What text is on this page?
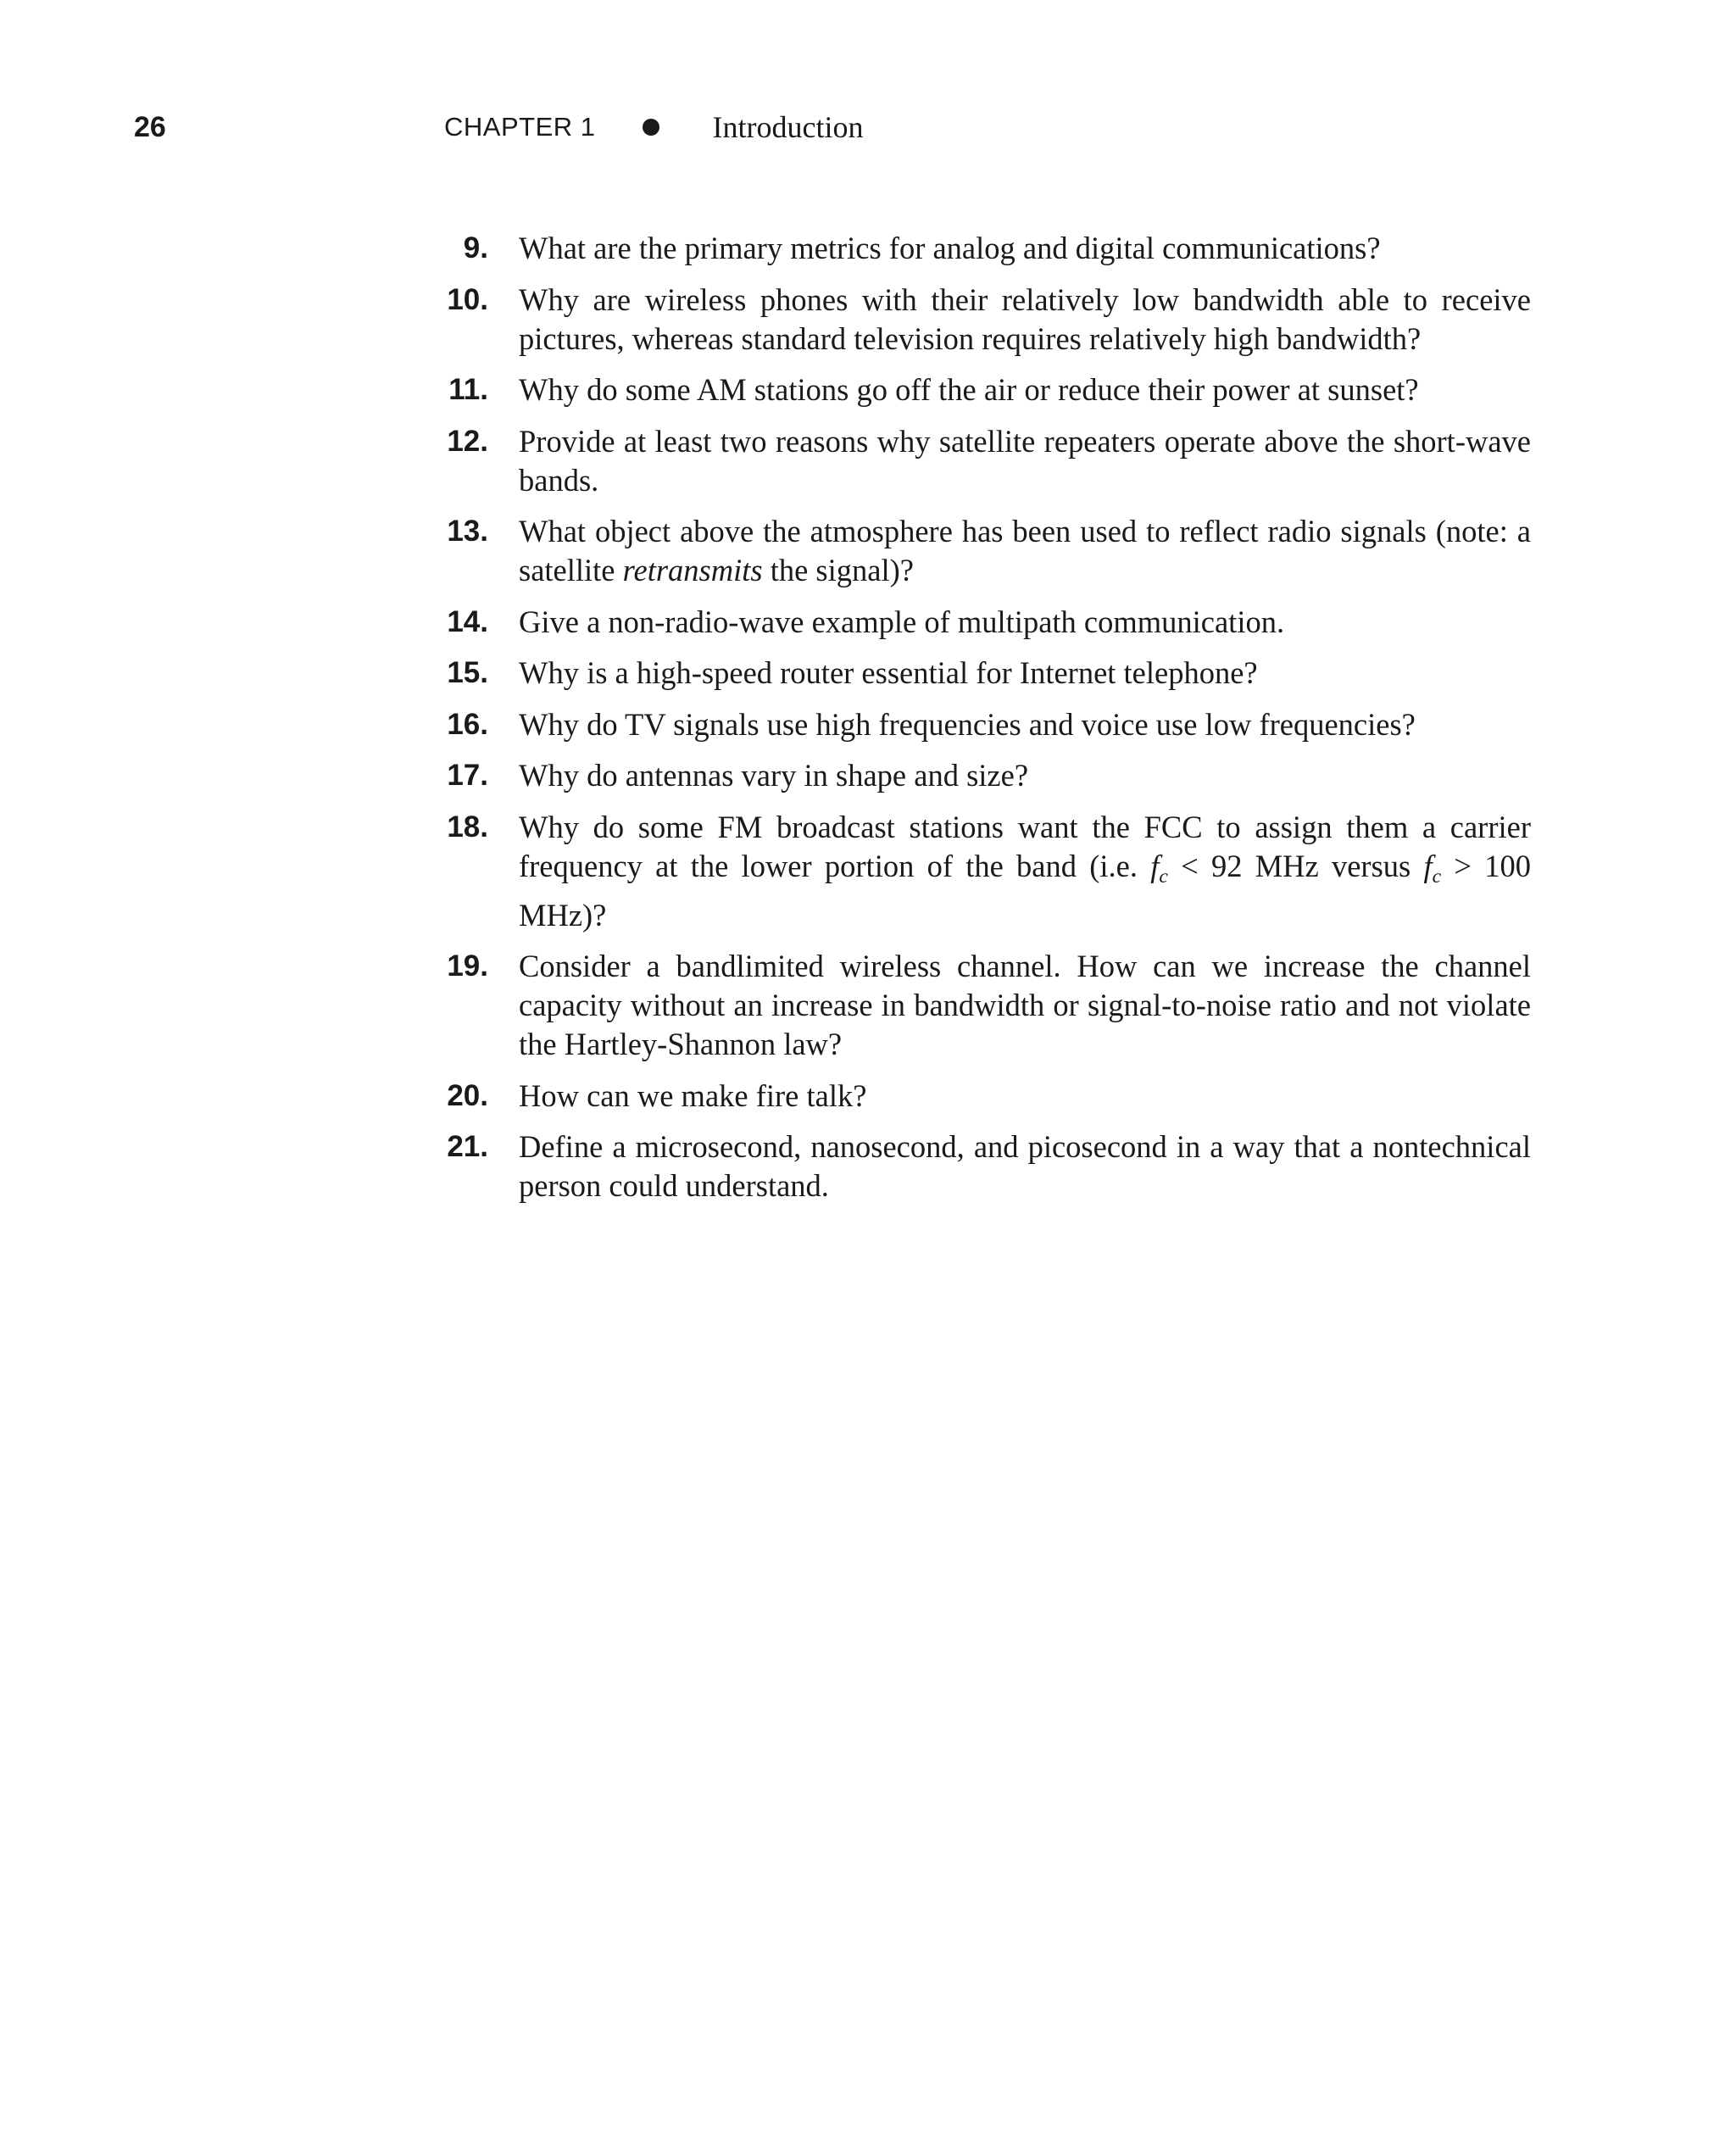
26	CHAPTER 1	Introduction
9. What are the primary metrics for analog and digital communications?
10. Why are wireless phones with their relatively low bandwidth able to receive pictures, whereas standard television requires relatively high bandwidth?
11. Why do some AM stations go off the air or reduce their power at sunset?
12. Provide at least two reasons why satellite repeaters operate above the short-wave bands.
13. What object above the atmosphere has been used to reflect radio signals (note: a satellite retransmits the signal)?
14. Give a non-radio-wave example of multipath communication.
15. Why is a high-speed router essential for Internet telephone?
16. Why do TV signals use high frequencies and voice use low frequencies?
17. Why do antennas vary in shape and size?
18. Why do some FM broadcast stations want the FCC to assign them a carrier frequency at the lower portion of the band (i.e. $f_c < 92$ MHz versus $f_c > 100$ MHz)?
19. Consider a bandlimited wireless channel. How can we increase the channel capacity without an increase in bandwidth or signal-to-noise ratio and not violate the Hartley-Shannon law?
20. How can we make fire talk?
21. Define a microsecond, nanosecond, and picosecond in a way that a nontechnical person could understand.
